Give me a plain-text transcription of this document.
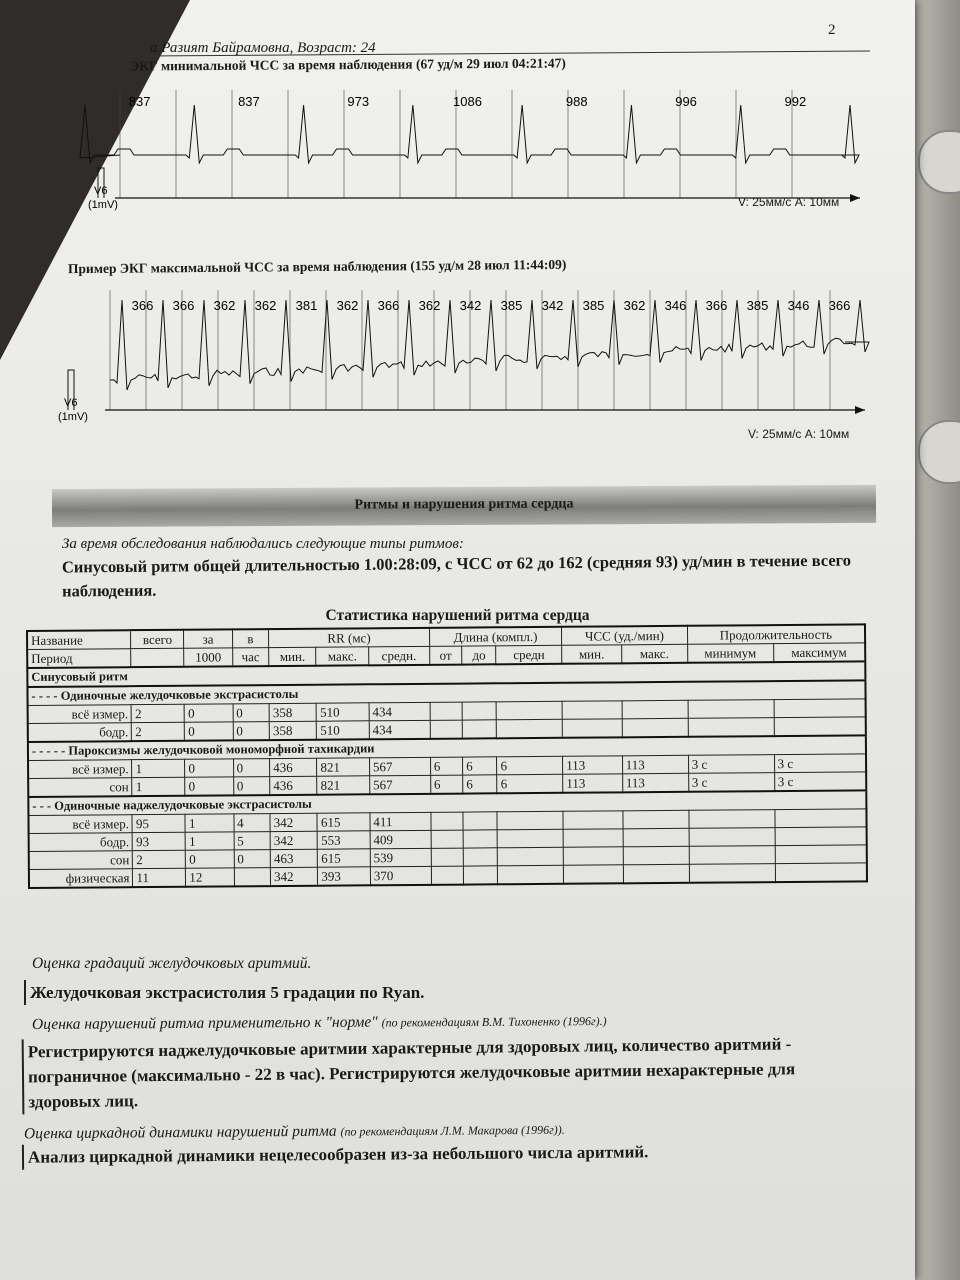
2
а Разият Байрамовна, Возраст: 24
ЭКГ минимальной ЧСС за время наблюдения (67 уд/м 29 июл 04:21:47)
V6
(1mV)
837	837	973	1086	988	996	992
V: 25мм/с A: 10мм
Пример ЭКГ максимальной ЧСС за время наблюдения (155 уд/м 28 июл 11:44:09)
V6
(1mV)
366 366 362 362 381 362 366 362 342 385 342 385 362 346 366 385 346 366
V: 25мм/с A: 10мм
Ритмы и нарушения ритма сердца
За время обследования наблюдались следующие типы ритмов:
Синусовый ритм общей длительностью 1.00:28:09, с ЧСС от 62 до 162 (средняя 93) уд/мин в течение всего наблюдения.
Статистика нарушений ритма сердца
Название	всего	за	в	RR (мс)			Длина (компл.)			ЧСС (уд./мин)		Продолжительность	
Период		1000	час	мин.	макс.	средн.	от	до	средн	мин.	макс.	минимум	максимум
Синусовый ритм													
- - - - Одиночные желудочковые экстрасистолы													
всё измер.	2	0	0	358	510	434							
бодр.	2	0	0	358	510	434							
- - - - - Пароксизмы желудочковой мономорфной тахикардии													
всё измер.	1	0	0	436	821	567	6	6	6	113	113	3 с	3 с
сон	1	0	0	436	821	567	6	6	6	113	113	3 с	3 с
- - - Одиночные наджелудочковые экстрасистолы													
всё измер.	95	1	4	342	615	411							
бодр.	93	1	5	342	553	409							
сон	2	0	0	463	615	539							
физическая	11	12		342	393	370							
Оценка градаций желудочковых аритмий.
Желудочковая экстрасистолия 5 градации по Ryan.
Оценка нарушений ритма применительно к "норме" (по рекомендациям В.М. Тихоненко (1996г).)
Регистрируются наджелудочковые аритмии характерные для здоровых лиц, количество аритмий - пограничное (максимально - 22 в час). Регистрируются желудочковые аритмии нехарактерные для здоровых лиц.
Оценка циркадной динамики нарушений ритма (по рекомендациям Л.М. Макарова (1996г)).
Анализ циркадной динамики нецелесообразен из-за небольшого числа аритмий.
